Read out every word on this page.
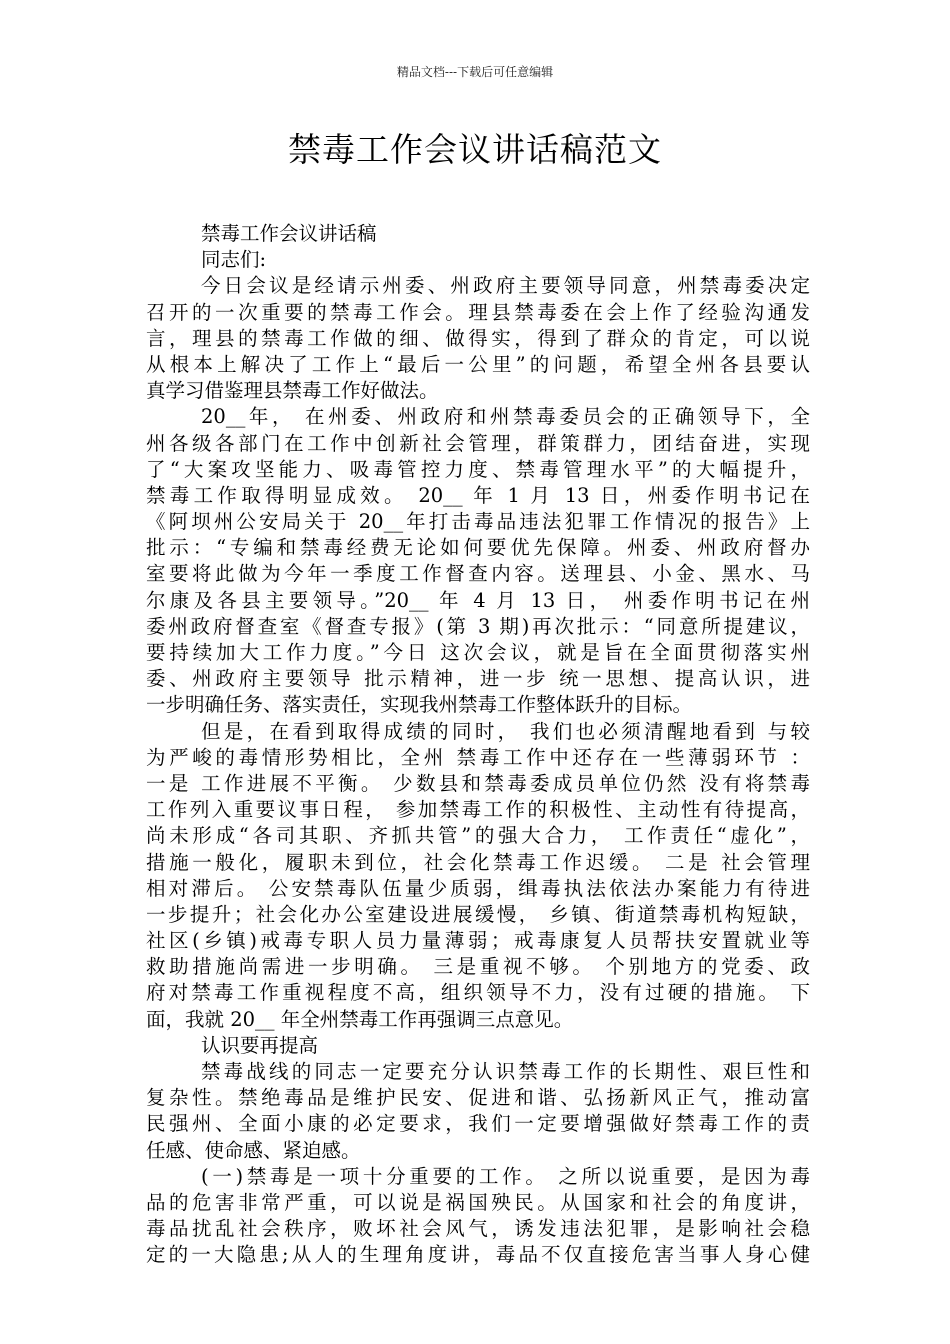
精品文档---下载后可任意编辑
禁毒工作会议讲话稿范文
禁毒工作会议讲话稿
同志们:
今日会议是经请示州委、州政府主要领导同意，州禁毒委决定
召开的一次重要的禁毒工作会。理县禁毒委在会上作了经验沟通发
言，理县的禁毒工作做的细、做得实，得到了群众的肯定，可以说
从根本上解决了工作上“最后一公里”的问题，希望全州各县要认
真学习借鉴理县禁毒工作好做法。
20__年， 在州委、州政府和州禁毒委员会的正确领导下，全
州各级各部门在工作中创新社会管理，群策群力，团结奋进，实现
了“大案攻坚能力、吸毒管控力度、禁毒管理水平”的大幅提升，
禁毒工作取得明显成效。 20__ 年 1 月 13 日，州委作明书记在
《阿坝州公安局关于 20__年打击毒品违法犯罪工作情况的报告》上
批示：“专编和禁毒经费无论如何要优先保障。州委、州政府督办
室要将此做为今年一季度工作督查内容。送理县、小金、黑水、马
尔康及各县主要领导。”20__ 年 4 月 13 日， 州委作明书记在州
委州政府督查室《督查专报》(第 3 期)再次批示：“同意所提建议，
要持续加大工作力度。”今日 这次会议，就是旨在全面贯彻落实州
委、州政府主要领导 批示精神，进一步 统一思想、提高认识，进
一步明确任务、落实责任，实现我州禁毒工作整体跃升的目标。
但是，在看到取得成绩的同时， 我们也必须清醒地看到 与较
为严峻的毒情形势相比，全州 禁毒工作中还存在一些薄弱环节 ：
一是 工作进展不平衡。 少数县和禁毒委成员单位仍然 没有将禁毒
工作列入重要议事日程， 参加禁毒工作的积极性、主动性有待提高，
尚未形成“各司其职、齐抓共管”的强大合力， 工作责任“虚化”，
措施一般化，履职未到位，社会化禁毒工作迟缓。 二是 社会管理
相对滞后。 公安禁毒队伍量少质弱，缉毒执法依法办案能力有待进
一步提升；社会化办公室建设进展缓慢， 乡镇、街道禁毒机构短缺，
社区(乡镇)戒毒专职人员力量薄弱；戒毒康复人员帮扶安置就业等
救助措施尚需进一步明确。 三是重视不够。 个别地方的党委、政
府对禁毒工作重视程度不高，组织领导不力，没有过硬的措施。 下
面，我就 20__ 年全州禁毒工作再强调三点意见。
认识要再提高
禁毒战线的同志一定要充分认识禁毒工作的长期性、艰巨性和
复杂性。禁绝毒品是维护民安、促进和谐、弘扬新风正气，推动富
民强州、全面小康的必定要求，我们一定要增强做好禁毒工作的责
任感、使命感、紧迫感。
(一)禁毒是一项十分重要的工作。 之所以说重要，是因为毒
品的危害非常严重，可以说是祸国殃民。从国家和社会的角度讲，
毒品扰乱社会秩序，败坏社会风气，诱发违法犯罪，是影响社会稳
定的一大隐患;从人的生理角度讲，毒品不仅直接危害当事人身心健
